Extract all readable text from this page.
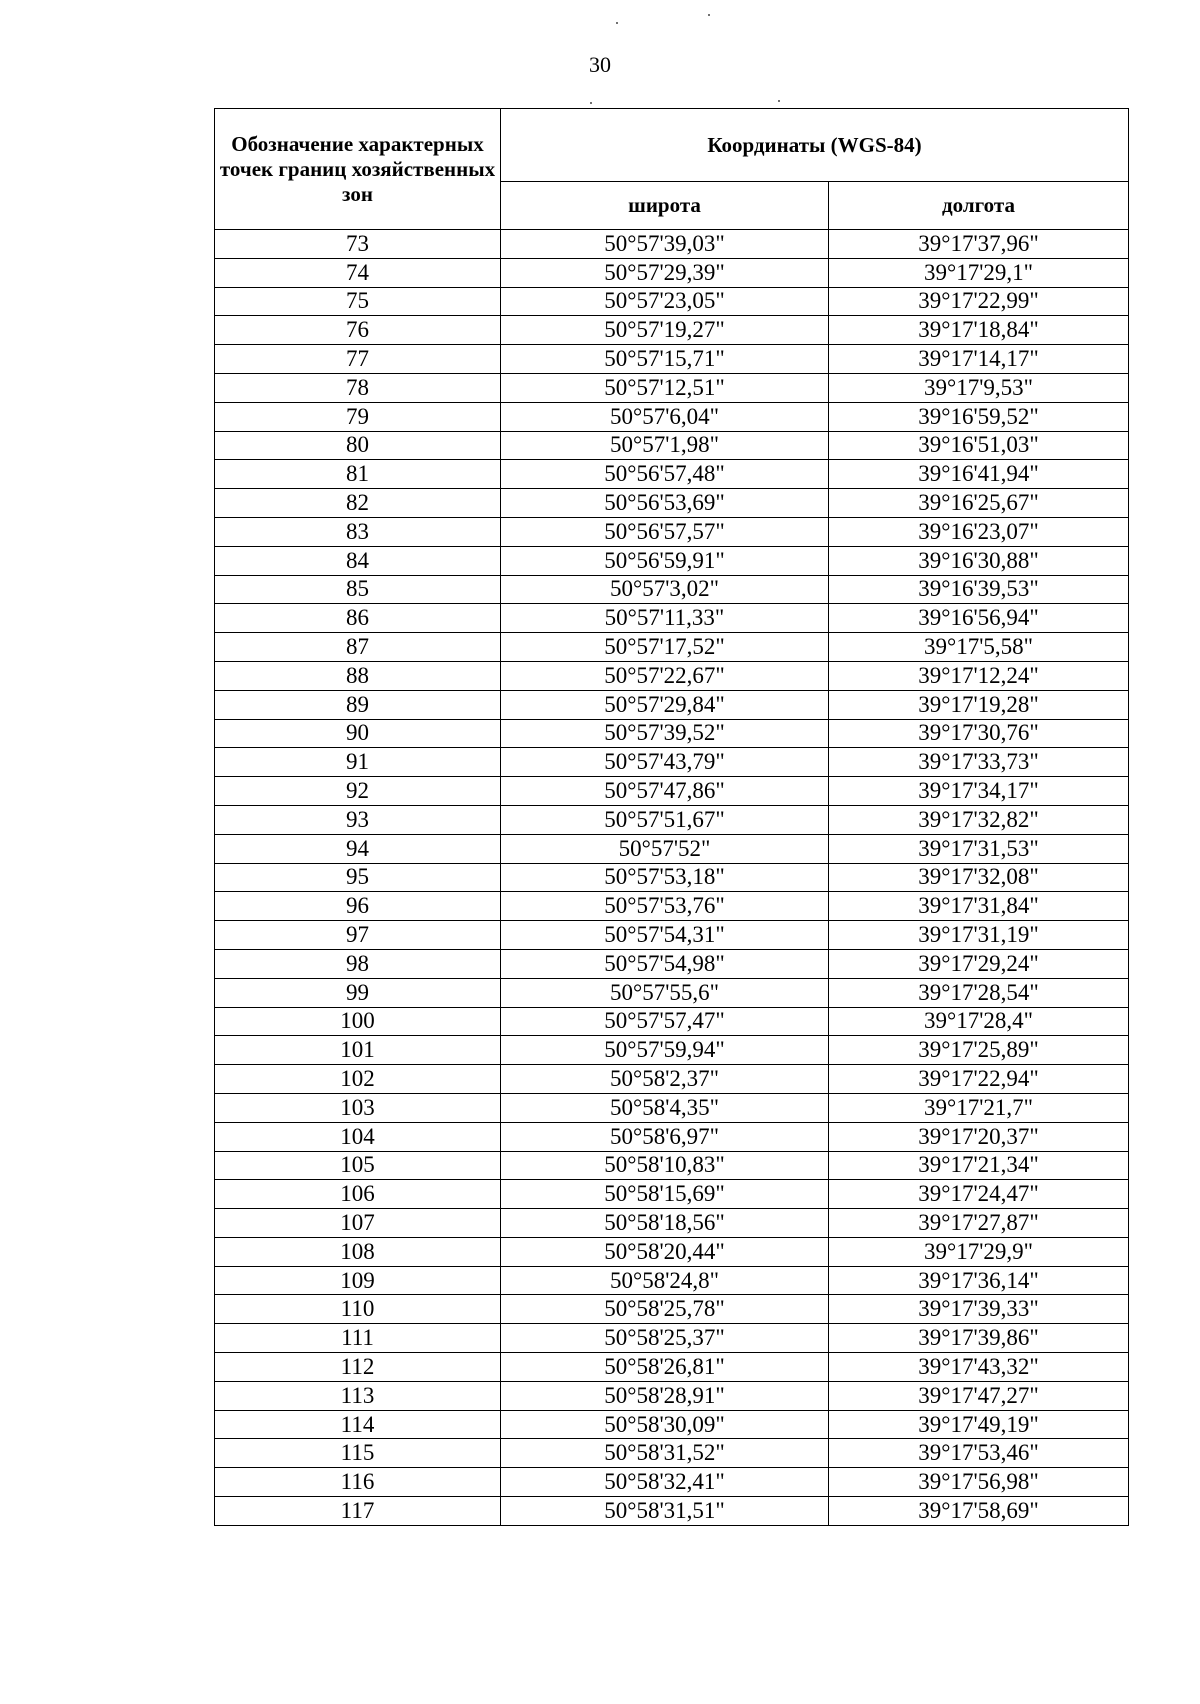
30
Обозначение характерных точек границ хозяйственных зон	Координаты (WGS-84)	
	широта	долгота
73	50°57'39,03"	39°17'37,96"
74	50°57'29,39"	39°17'29,1"
75	50°57'23,05"	39°17'22,99"
76	50°57'19,27"	39°17'18,84"
77	50°57'15,71"	39°17'14,17"
78	50°57'12,51"	39°17'9,53"
79	50°57'6,04"	39°16'59,52"
80	50°57'1,98"	39°16'51,03"
81	50°56'57,48"	39°16'41,94"
82	50°56'53,69"	39°16'25,67"
83	50°56'57,57"	39°16'23,07"
84	50°56'59,91"	39°16'30,88"
85	50°57'3,02"	39°16'39,53"
86	50°57'11,33"	39°16'56,94"
87	50°57'17,52"	39°17'5,58"
88	50°57'22,67"	39°17'12,24"
89	50°57'29,84"	39°17'19,28"
90	50°57'39,52"	39°17'30,76"
91	50°57'43,79"	39°17'33,73"
92	50°57'47,86"	39°17'34,17"
93	50°57'51,67"	39°17'32,82"
94	50°57'52"	39°17'31,53"
95	50°57'53,18"	39°17'32,08"
96	50°57'53,76"	39°17'31,84"
97	50°57'54,31"	39°17'31,19"
98	50°57'54,98"	39°17'29,24"
99	50°57'55,6"	39°17'28,54"
100	50°57'57,47"	39°17'28,4"
101	50°57'59,94"	39°17'25,89"
102	50°58'2,37"	39°17'22,94"
103	50°58'4,35"	39°17'21,7"
104	50°58'6,97"	39°17'20,37"
105	50°58'10,83"	39°17'21,34"
106	50°58'15,69"	39°17'24,47"
107	50°58'18,56"	39°17'27,87"
108	50°58'20,44"	39°17'29,9"
109	50°58'24,8"	39°17'36,14"
110	50°58'25,78"	39°17'39,33"
111	50°58'25,37"	39°17'39,86"
112	50°58'26,81"	39°17'43,32"
113	50°58'28,91"	39°17'47,27"
114	50°58'30,09"	39°17'49,19"
115	50°58'31,52"	39°17'53,46"
116	50°58'32,41"	39°17'56,98"
117	50°58'31,51"	39°17'58,69"
